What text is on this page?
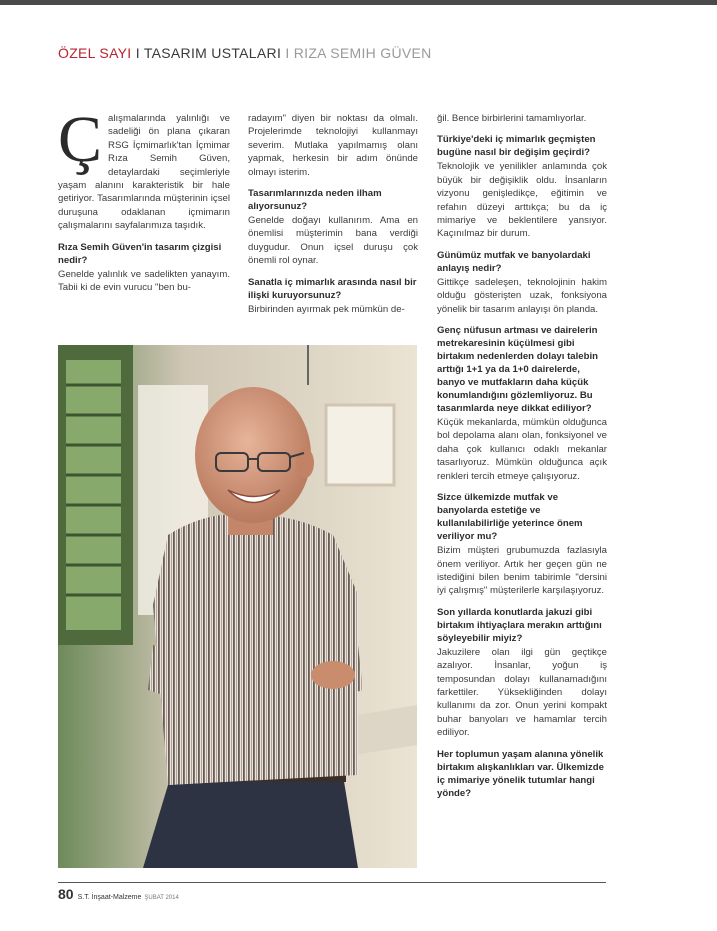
ÖZEL SAYI I TASARIM USTALARI I RIZA SEMIH GÜVEN

Çalışmalarında yalınlığı ve sadeliği ön plana çıkaran RSG İçmimarlık'tan İçmimar Rıza Semih Güven, detaylardaki seçimleriyle yaşam alanını karakteristik bir hale getiriyor. Tasarımlarında müşterinin içsel duruşuna odaklanan içmimarın çalışmalarını sayfalarımıza taşıdık.

Rıza Semih Güven'in tasarım çizgisi nedir?

Genelde yalınlık ve sadelikten yanayım. Tabii ki de evin vurucu "ben bu-

radayım" diyen bir noktası da olmalı. Projelerimde teknolojiyi kullanmayı severim. Mutlaka yapılmamış olanı yapmak, herkesin bir adım önünde olmayı isterim.

Tasarımlarınızda neden ilham alıyorsunuz?

Genelde doğayı kullanırım. Ama en önemlisi müşterimin bana verdiği duygudur. Onun içsel duruşu çok önemli rol oynar.

Sanatla iç mimarlık arasında nasıl bir ilişki kuruyorsunuz?

Birbirinden ayırmak pek mümkün de-

ğil. Bence birbirlerini tamamlıyorlar.

Türkiye'deki iç mimarlık geçmişten bugüne nasıl bir değişim geçirdi?

Teknolojik ve yenilikler anlamında çok büyük bir değişiklik oldu. İnsanların vizyonu genişledikçe, eğitimin ve refahın düzeyi arttıkça; bu da iç mimariye ve beklentilere yansıyor. Kaçınılmaz bir durum.

Günümüz mutfak ve banyolardaki anlayış nedir?

Gittikçe sadeleşen, teknolojinin hakim olduğu gösterişten uzak, fonksiyona yönelik bir tasarım anlayışı ön planda.

Genç nüfusun artması ve dairelerin metrekaresinin küçülmesi gibi birtakım nedenlerden dolayı talebin arttığı 1+1 ya da 1+0 dairelerde, banyo ve mutfakların daha küçük konumlandığını gözlemliyoruz. Bu tasarımlarda neye dikkat ediliyor?

Küçük mekanlarda, mümkün olduğunca bol depolama alanı olan, fonksiyonel ve daha çok kullanıcı odaklı mekanlar tasarlıyoruz. Mümkün olduğunca açık renkleri tercih etmeye çalışıyoruz.

Sizce ülkemizde mutfak ve banyolarda estetiğe ve kullanılabilirliğe yeterince önem veriliyor mu?

Bizim müşteri grubumuzda fazlasıyla önem veriliyor. Artık her geçen gün ne istediğini bilen benim tabirimle "dersini iyi çalışmış" müşterilerle karşılaşıyoruz.

Son yıllarda konutlarda jakuzi gibi birtakım ihtiyaçlara merakın arttığını söyleyebilir miyiz?

Jakuzilere olan ilgi gün geçtikçe azalıyor. İnsanlar, yoğun iş temposundan dolayı kullanamadığını farkettiler. Yüksekliğinden dolayı kullanımı da zor. Onun yerini kompakt buhar banyoları ve hamamlar tercih ediliyor.

Her toplumun yaşam alanına yönelik birtakım alışkanlıkları var. Ülkemizde iç mimariye yönelik tutumlar hangi yönde?
80 S.T. İnşaat-Malzeme ŞUBAT 2014
